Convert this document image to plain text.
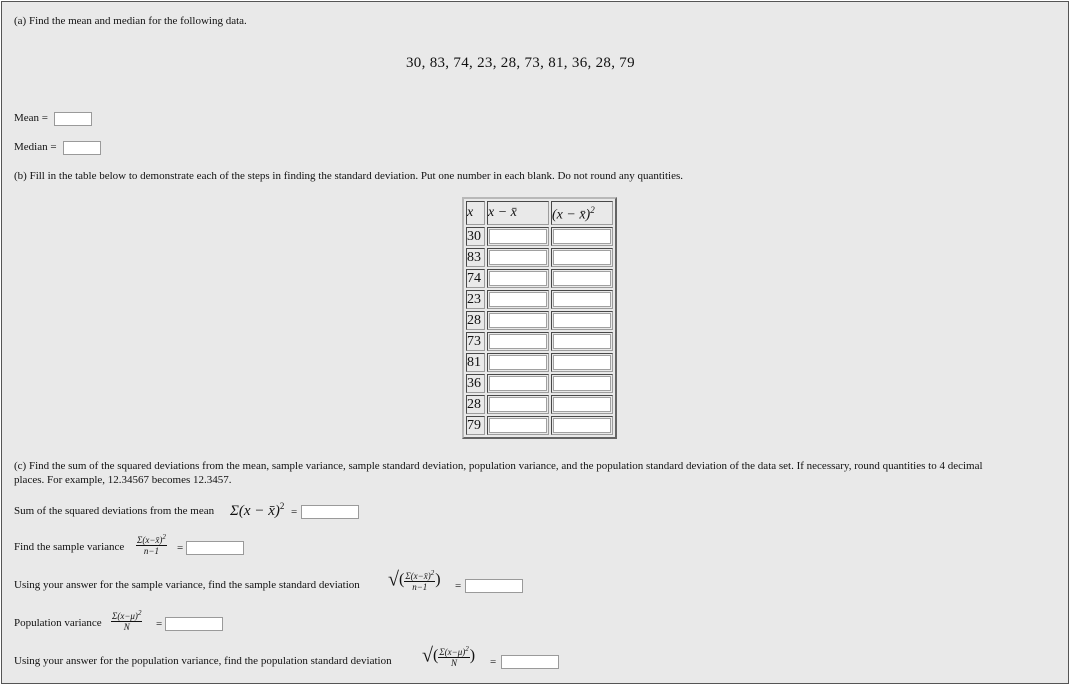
(a) Find the mean and median for the following data.
30, 83, 74, 23, 28, 73, 81, 36, 28, 79
Mean =
Median =
(b) Fill in the table below to demonstrate each of the steps in finding the standard deviation. Put one number in each blank. Do not round any quantities.
x	x − x̄	(x − x̄)$^2$
30	

83	

74	

23	

28	

73	

81	

36	

28	

79	

(c) Find the sum of the squared deviations from the mean, sample variance, sample standard deviation, population variance, and the population standard deviation of the data set. If necessary, round quantities to 4 decimal
places. For example, 12.34567 becomes 12.3457.
Sum of the squared deviations from the mean Σ(x − x̄)$^2$ =
Find the sample variance $\frac{\Sigma(x-x̄)^2}{n-1}$ =
Using your answer for the sample variance, find the sample standard deviation √( $\frac{\Sigma(x-x̄)^2}{n-1}$ ) =
Population variance $\frac{\Sigma(x-\mu)^2}{N}$ =
Using your answer for the population variance, find the population standard deviation √( $\frac{\Sigma(x-\mu)^2}{N}$ ) =
